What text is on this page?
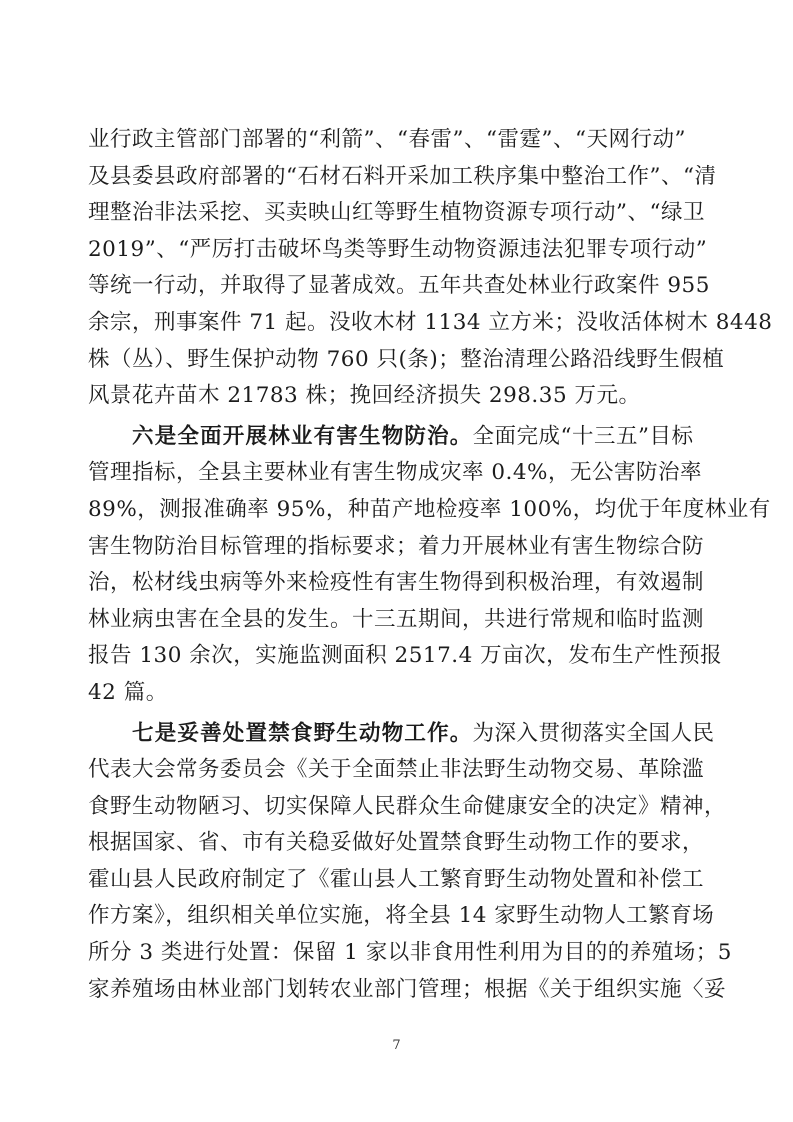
业行政主管部门部署的“利箭”、“春雷”、“雷霆”、“天网行动”
及县委县政府部署的“石材石料开采加工秩序集中整治工作”、“清
理整治非法采挖、买卖映山红等野生植物资源专项行动”、“绿卫
2019”、“严厉打击破坏鸟类等野生动物资源违法犯罪专项行动”
等统一行动，并取得了显著成效。五年共查处林业行政案件 955
余宗，刑事案件 71 起。没收木材 1134 立方米；没收活体树木 8448
株（丛）、野生保护动物 760 只(条)；整治清理公路沿线野生假植
风景花卉苗木 21783 株；挽回经济损失 298.35 万元。
  六是全面开展林业有害生物防治。全面完成“十三五”目标
管理指标，全县主要林业有害生物成灾率 0.4%，无公害防治率
89%，测报准确率 95%，种苗产地检疫率 100%，均优于年度林业有
害生物防治目标管理的指标要求；着力开展林业有害生物综合防
治，松材线虫病等外来检疫性有害生物得到积极治理，有效遏制
林业病虫害在全县的发生。十三五期间，共进行常规和临时监测
报告 130 余次，实施监测面积 2517.4 万亩次，发布生产性预报
42 篇。
  七是妥善处置禁食野生动物工作。为深入贯彻落实全国人民
代表大会常务委员会《关于全面禁止非法野生动物交易、革除滥
食野生动物陋习、切实保障人民群众生命健康安全的决定》精神，
根据国家、省、市有关稳妥做好处置禁食野生动物工作的要求，
霍山县人民政府制定了《霍山县人工繁育野生动物处置和补偿工
作方案》，组织相关单位实施，将全县 14 家野生动物人工繁育场
所分 3 类进行处置：保留 1 家以非食用性利用为目的的养殖场；5
家养殖场由林业部门划转农业部门管理；根据《关于组织实施〈妥
7
